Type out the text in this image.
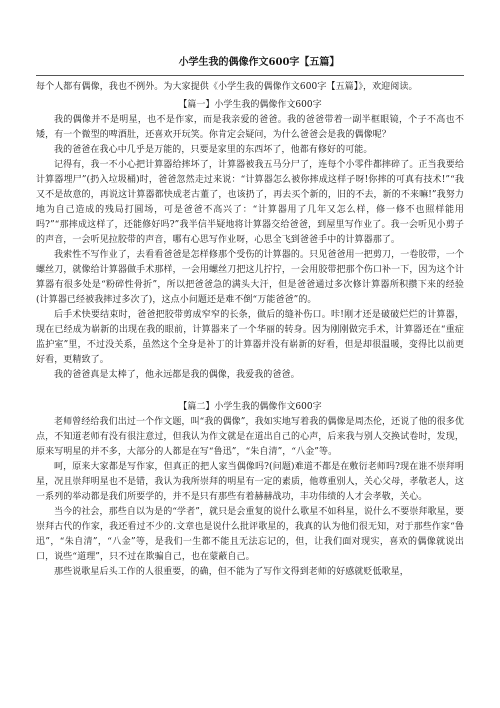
小学生我的偶像作文600字【五篇】

每个人都有偶像，我也不例外。为大家提供《小学生我的偶像作文600字【五篇】》，欢迎阅读。

【篇一】小学生我的偶像作文600字

我的偶像并不是明星，也不是作家，而是我亲爱的爸爸。我的爸爸带着一副半框眼镜，个子不高也不矮，有一个微型的啤酒肚，还喜欢开玩笑。你肯定会疑问，为什么爸爸会是我的偶像呢？

我的爸爸在我心中几乎是万能的，只要是家里的东西坏了，他都有修好的可能。

记得有，我一不小心把计算器给摔坏了，计算器被我五马分尸了，连每个小零件都摔碎了。正当我要给计算器埋尸”(扔入垃圾桶)时，爸爸忽然走过来说：“计算器怎么被你摔成这样子呀!你摔的可真有技术!”“我又不是故意的，再说这计算器都快成老古董了，也该扔了，再去买个新的，旧的不去，新的不来嘛!”我努力地为自己造成的残局打圆场，可是爸爸不高兴了：“计算器用了几年又怎么样，修一修不也照样能用吗?”“那摔成这样了，还能修好吗?”我半信半疑地将计算器交给爸爸，到屋里写作业了。我一会听见小剪子的声音，一会听见拉胶带的声音，哪有心思写作业呀，心思全飞到爸爸手中的计算器那了。

我索性不写作业了，去看看爸爸是怎样修那个受伤的计算器的。只见爸爸用一把剪刀，一卷胶带，一个螺丝刀，就像给计算器做手术那样，一会用螺丝刀把这儿拧拧，一会用胶带把那个伤口补一下，因为这个计算器有很多处是“粉碎性骨折”，所以把爸爸急的满头大汗，但是爸爸通过多次修计算器所积攒下来的经验(计算器已经被我摔过多次了)，这点小问题还是难不倒“万能爸爸”的。

后手术快要结束时，爸爸把胶带剪成窄窄的长条，做后的缝补伤口。咔!刚才还是破破烂烂的计算器，现在已经成为崭新的出现在我的眼前，计算器来了一个华丽的转身。因为刚刚做完手术，计算器还在“重症监护室”里，不过没关系，虽然这个全身是补丁的计算器并没有崭新的好看，但是却很温暖，变得比以前更好看，更精致了。

我的爸爸真是太棒了，他永远都是我的偶像，我爱我的爸爸。

【篇二】小学生我的偶像作文600字

老师曾经给我们出过一个作文题，叫“我的偶像”，我如实地写着我的偶像是周杰伦，还说了他的很多优点，不知道老师有没有很注意过，但我认为作文就是在道出自己的心声，后来我与别人交换试卷时，发现，原来写明星的并不多，大部分的人都是在写“鲁迅”，“朱自清”，“八金”等。

呵，原来大家都是写作家，但真正的把人家当偶像吗?(问题)难道不都是在敷衍老师吗?现在谁不崇拜明星，况且崇拜明星也不是错，我认为我所崇拜的明星有一定的素质，他尊重别人，关心父母，孝敬老人，这一系列的举动都是我们所要学的，并不是只有那些有着赫赫战功，丰功伟绩的人才会孝敬，关心。

当今的社会，那些自以为是的“学者”，就只是会重复的说什么歌星不如科星，说什么不要崇拜歌星，要崇拜古代的作家，我还看过不少的.文章也是说什么批评歌星的，我真的认为他们很无知，对于那些作家“鲁迅”，“朱自清”，“八金”等，是我们一生都不能且无法忘记的，但，让我们面对现实，喜欢的偶像就说出口，说些“道理”，只不过在欺骗自己，也在蒙蔽自己。

那些说歌星后头工作的人很重要，的确，但不能为了写作文得到老师的好感就贬低歌星，
